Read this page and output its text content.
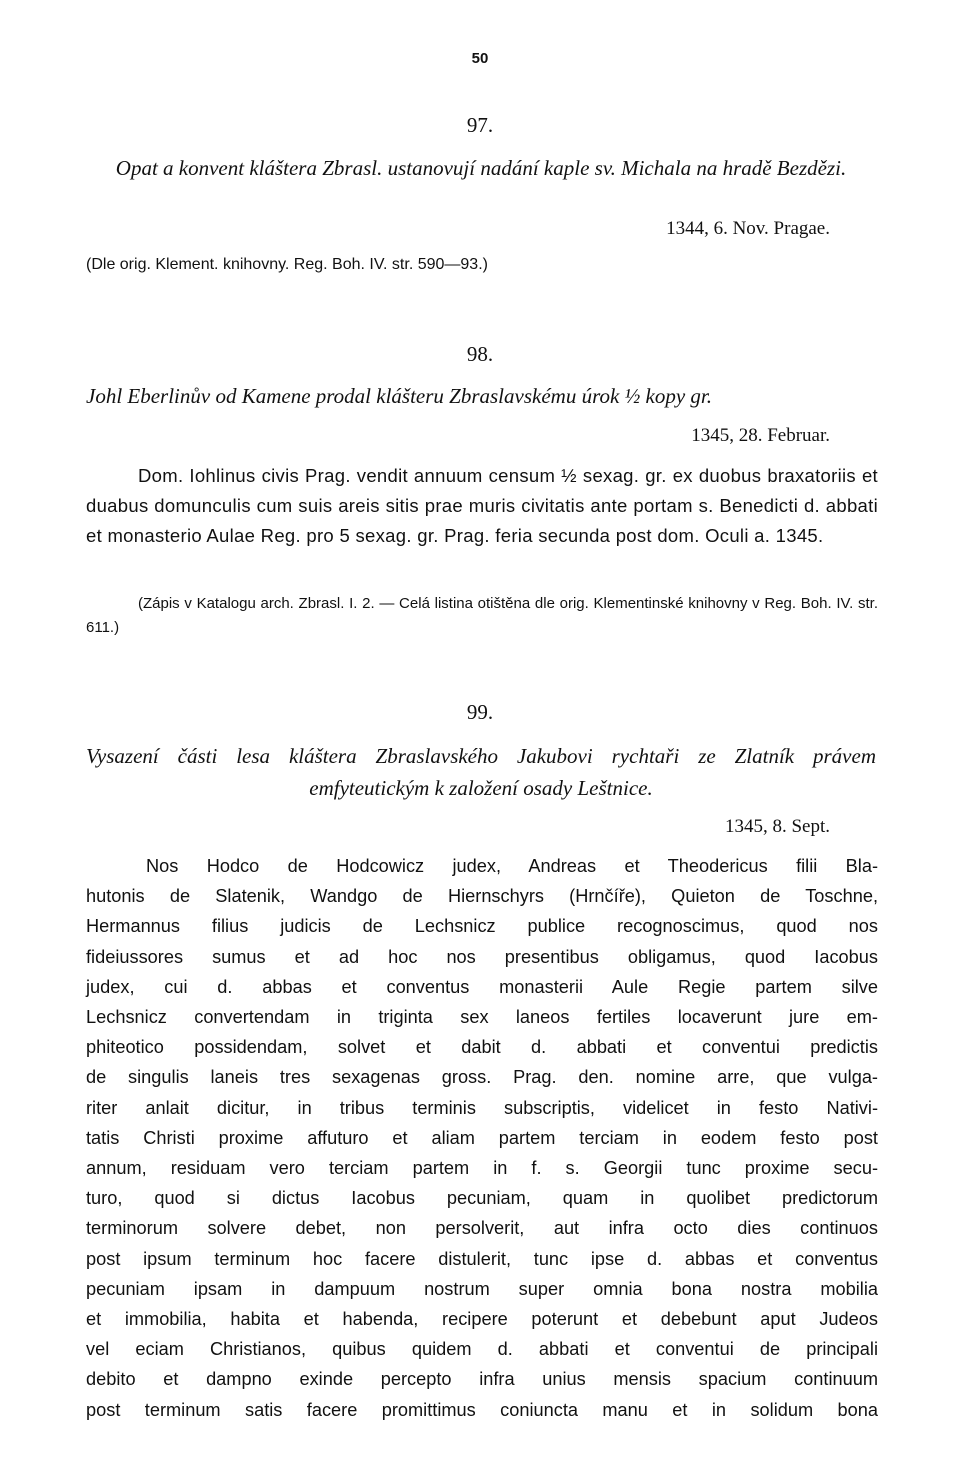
50
97.
Opat a konvent kláštera Zbrasl. ustanovují nadání kaple sv. Michala na hradě Bezdězi.
1344, 6. Nov. Pragae.
(Dle orig. Klement. knihovny. Reg. Boh. IV. str. 590—93.)
98.
Johl Eberlinův od Kamene prodal klášteru Zbraslavskému úrok ½ kopy gr.
1345, 28. Februar.

Dom. Iohlinus civis Prag. vendit annuum censum ½ sexag. gr. ex duobus braxatoriis et duabus domunculis cum suis areis sitis prae muris civitatis ante portam s. Benedicti d. abbati et monasterio Aulae Reg. pro 5 sexag. gr. Prag. feria secunda post dom. Oculi a. 1345.

(Zápis v Katalogu arch. Zbrasl. I. 2. — Celá listina otištěna dle orig. Klementinské knihovny v Reg. Boh. IV. str. 611.)

99.
Vysazení části lesa kláštera Zbraslavského Jakubovi rychtaři ze Zlatník právem emfyteutickým k založení osady Leštnice.
1345, 8. Sept.
Nos Hodco de Hodcowicz judex, Andreas et Theodericus filii Bla-
hutonis de Slatenik, Wandgo de Hiernschyrs (Hrnčíře), Quieton de Toschne,
Hermannus filius judicis de Lechsnicz publice recognoscimus, quod nos
fideiussores sumus et ad hoc nos presentibus obligamus, quod Iacobus
judex, cui d. abbas et conventus monasterii Aule Regie partem silve
Lechsnicz convertendam in triginta sex laneos fertiles locaverunt jure em-
phiteotico possidendam, solvet et dabit d. abbati et conventui predictis
de singulis laneis tres sexagenas gross. Prag. den. nomine arre, que vulga-
riter anlait dicitur, in tribus terminis subscriptis, videlicet in festo Nativi-
tatis Christi proxime affuturo et aliam partem terciam in eodem festo post
annum, residuam vero terciam partem in f. s. Georgii tunc proxime secu-
turo, quod si dictus Iacobus pecuniam, quam in quolibet predictorum
terminorum solvere debet, non persolverit, aut infra octo dies continuos
post ipsum terminum hoc facere distulerit, tunc ipse d. abbas et conventus
pecuniam ipsam in dampuum nostrum super omnia bona nostra mobilia
et immobilia, habita et habenda, recipere poterunt et debebunt aput Judeos
vel eciam Christianos, quibus quidem d. abbati et conventui de principali
debito et dampno exinde percepto infra unius mensis spacium continuum
post terminum satis facere promittimus coniuncta manu et in solidum bona
